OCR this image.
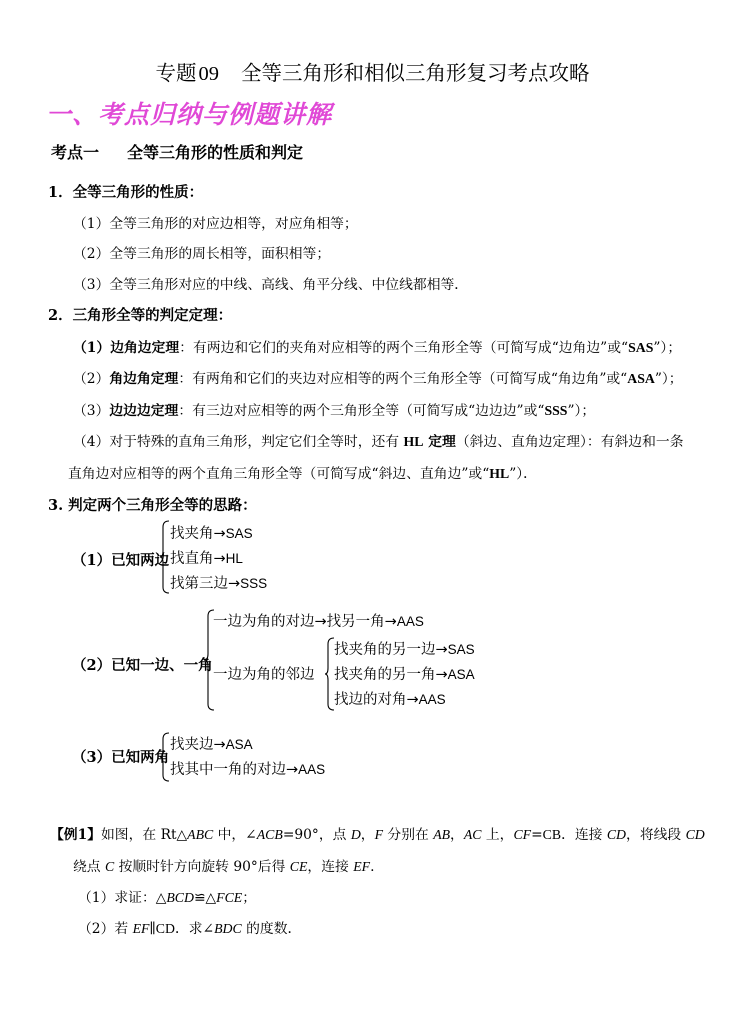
专题09 全等三角形和相似三角形复习考点攻略
一、考点归纳与例题讲解
考点一 全等三角形的性质和判定
1．全等三角形的性质：
（1）全等三角形的对应边相等，对应角相等；
（2）全等三角形的周长相等，面积相等；
（3）全等三角形对应的中线、高线、角平分线、中位线都相等．
2．三角形全等的判定定理：
（1）边角边定理：有两边和它们的夹角对应相等的两个三角形全等（可简写成“边角边”或“SAS”）；
（2）角边角定理：有两角和它们的夹边对应相等的两个三角形全等（可简写成“角边角”或“ASA”）；
（3）边边边定理：有三边对应相等的两个三角形全等（可简写成“边边边”或“SSS”）；
（4）对于特殊的直角三角形，判定它们全等时，还有 HL 定理（斜边、直角边定理）：有斜边和一条
直角边对应相等的两个直角三角形全等（可简写成“斜边、直角边”或“HL”）．
3. 判定两个三角形全等的思路：
（1）已知两边
找夹角→SAS
找直角→HL
找第三边→SSS
（2）已知一边、一角
一边为角的对边→找另一角→AAS
一边为角的邻边
找夹角的另一边→SAS
找夹角的另一角→ASA
找边的对角→AAS
（3）已知两角
找夹边→ASA
找其中一角的对边→AAS
【例1】如图，在 Rt△ABC 中，∠ACB=90°，点 D，F 分别在 AB，AC 上，CF=CB．连接 CD，将线段 CD
绕点 C 按顺时针方向旋转 90°后得 CE，连接 EF.
（1）求证：△BCD≌△FCE；
（2）若 EF∥CD．求∠BDC 的度数．
